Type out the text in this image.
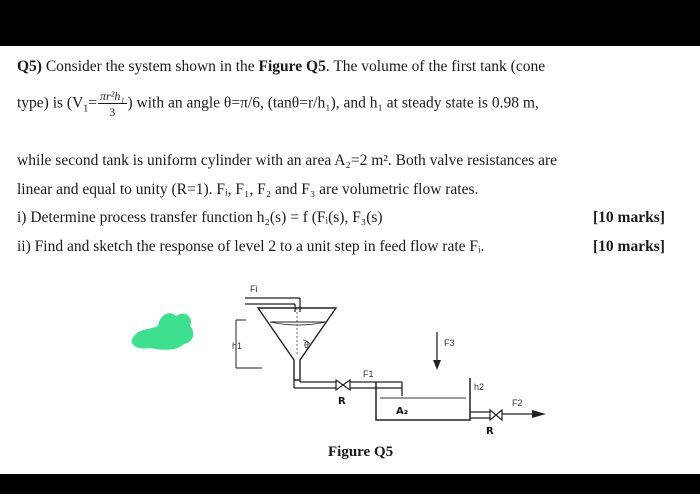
Q5) Consider the system shown in the Figure Q5. The volume of the first tank (cone
type) is ($V_1= \frac{\text{πr²h₁}}{3}$ ) with an angle θ=π/6, (tanθ=r/h₁), and h₁ at steady state is 0.98 m,
while second tank is uniform cylinder with an area A₂=2 m². Both valve resistances are
linear and equal to unity (R=1). Fᵢ, F₁, F₂ and F₃ are volumetric flow rates.
i) Determine process transfer function h₂(s) = f (Fᵢ(s), F₃(s)	[10 marks]
ii) Find and sketch the response of level 2 to a unit step in feed flow rate Fᵢ.	[10 marks]
Fi
θ
h1
R
F1
F3
A₂
h2
R
F2
Figure Q5
